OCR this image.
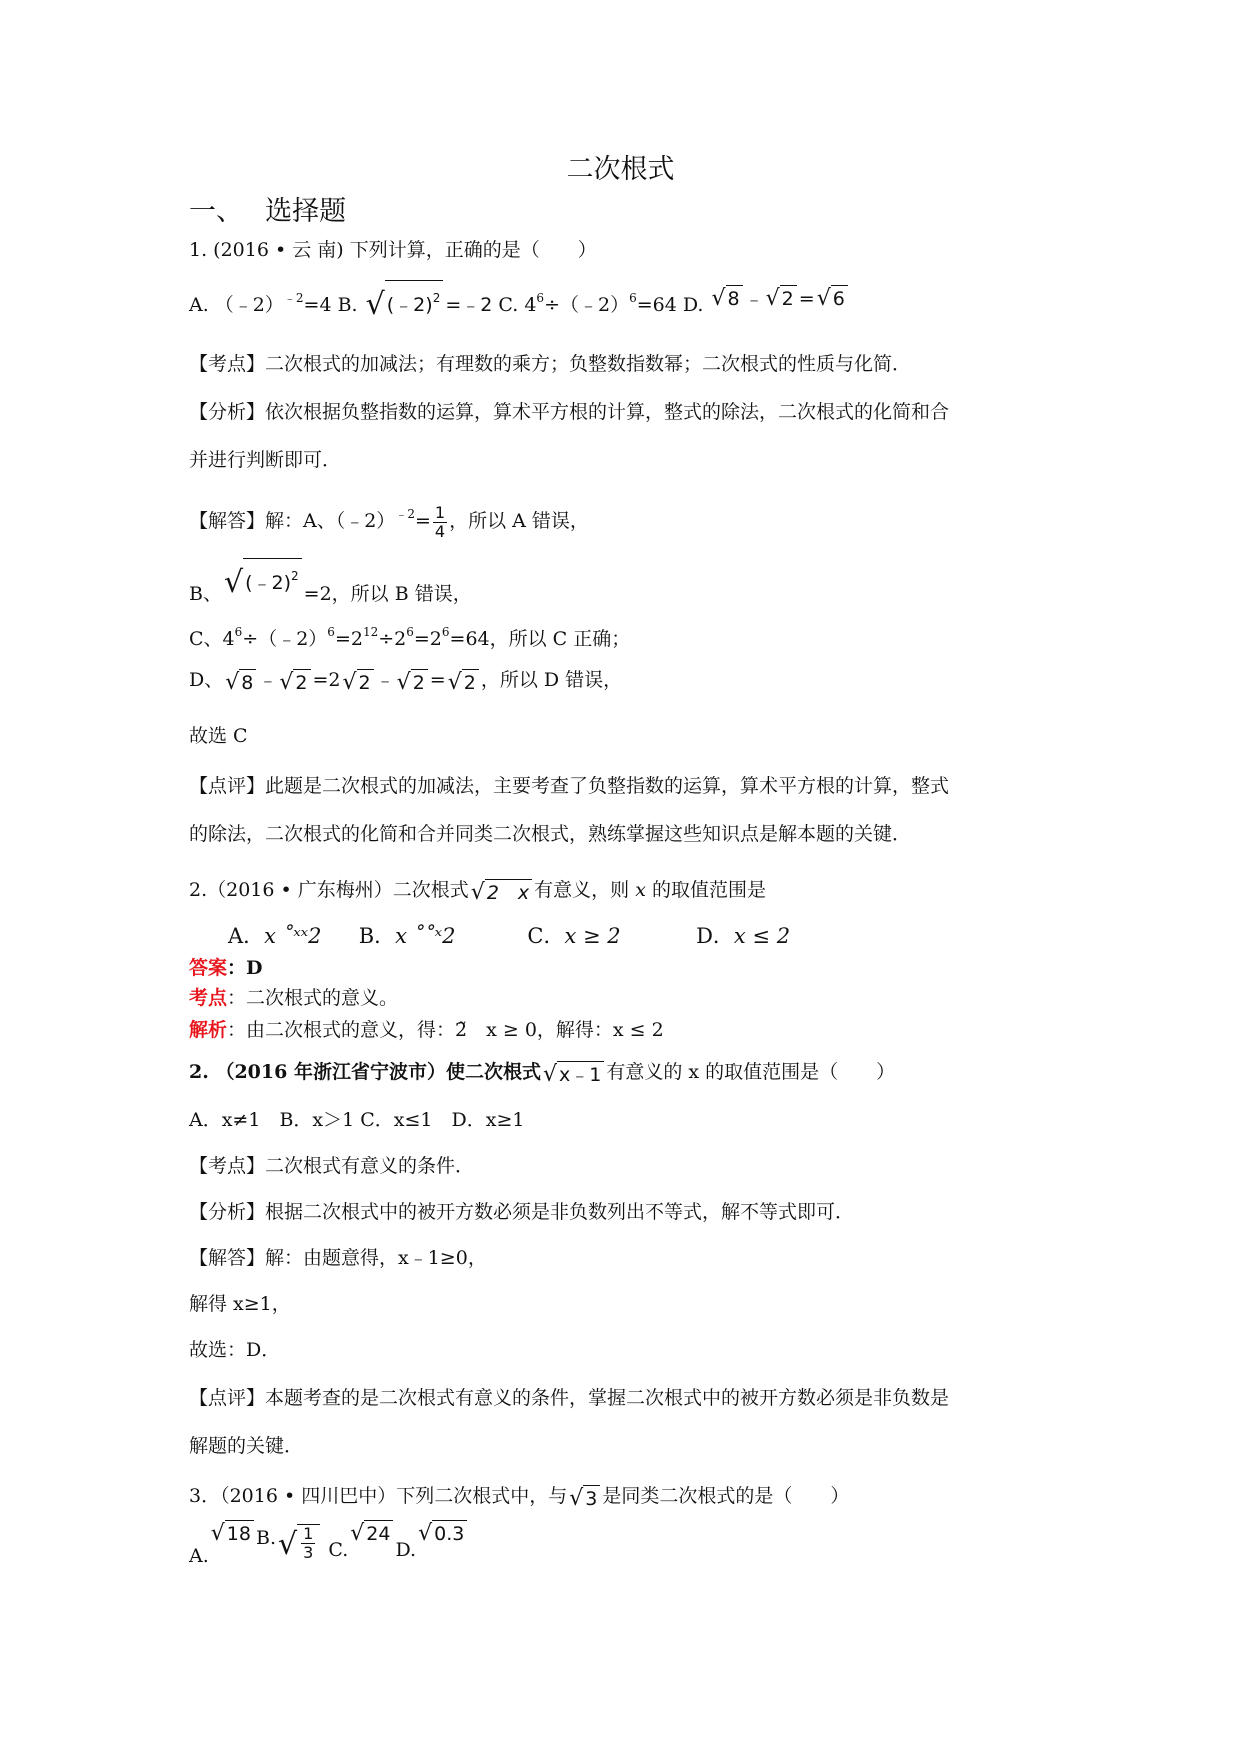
二次根式
一、　 选择题
1. (2016 • 云 南) 下列计算，正确的是（　　）
A. （﹣2）$^{﹣2}$=4 B. √ (﹣2)$^2$ =﹣2 C. $4^6\div(﹣2)^6=64$ D. √ 8 ﹣ √ 2 = √ 6
【考点】二次根式的加减法；有理数的乘方；负整数指数幂；二次根式的性质与化简．
【分析】依次根据负整指数的运算，算术平方根的计算，整式的除法，二次根式的化简和合
并进行判断即可．
【解答】解：A、（﹣2）$^{﹣2}$= $\frac{1}{4}$ ，所以 A 错误，
B、 √ (﹣2)$^2$
=2，所以 B 错误，
C、$4^6\div(﹣2)^6=2^{12}\div 2^6=2^6=64$，所以 C 正确；
D、 √ 8 ﹣ √ 2 =2 √ 2 ﹣ √ 2 = √ 2 ，所以 D 错误，
故选 C
【点评】此题是二次根式的加减法，主要考查了负整指数的运算，算术平方根的计算，整式
的除法，二次根式的化简和合并同类二次根式，熟练掌握这些知识点是解本题的关键．
2.（2016 • 广东梅州）二次根式 √ 2　x 有意义，则 x 的取值范围是
A．x ˚ˣˣ2 B．x ˚˚ˣ2	C．x ≥ 2	D．x ≤ 2
答案：D
考点：二次根式的意义。
解析：由二次根式的意义，得：2̃　x ≥ 0，解得：x ≤ 2
2. （2016 年浙江省宁波市）使二次根式 √ x﹣1 有意义的 x 的取值范围是（　　）
A．x≠1　B．x＞1 C．x≤1　D．x≥1
【考点】二次根式有意义的条件．
【分析】根据二次根式中的被开方数必须是非负数列出不等式，解不等式即可．
【解答】解：由题意得，x﹣1≥0，
解得 x≥1，
故选：D．
【点评】本题考查的是二次根式有意义的条件，掌握二次根式中的被开方数必须是非负数是
解题的关键．
3．（2016 • 四川巴中）下列二次根式中，与 √ 3 是同类二次根式的是（　　）
A.
√ 18 B. √ $\frac{1}{3} C$.
√ 24
D.
√ 0.3
